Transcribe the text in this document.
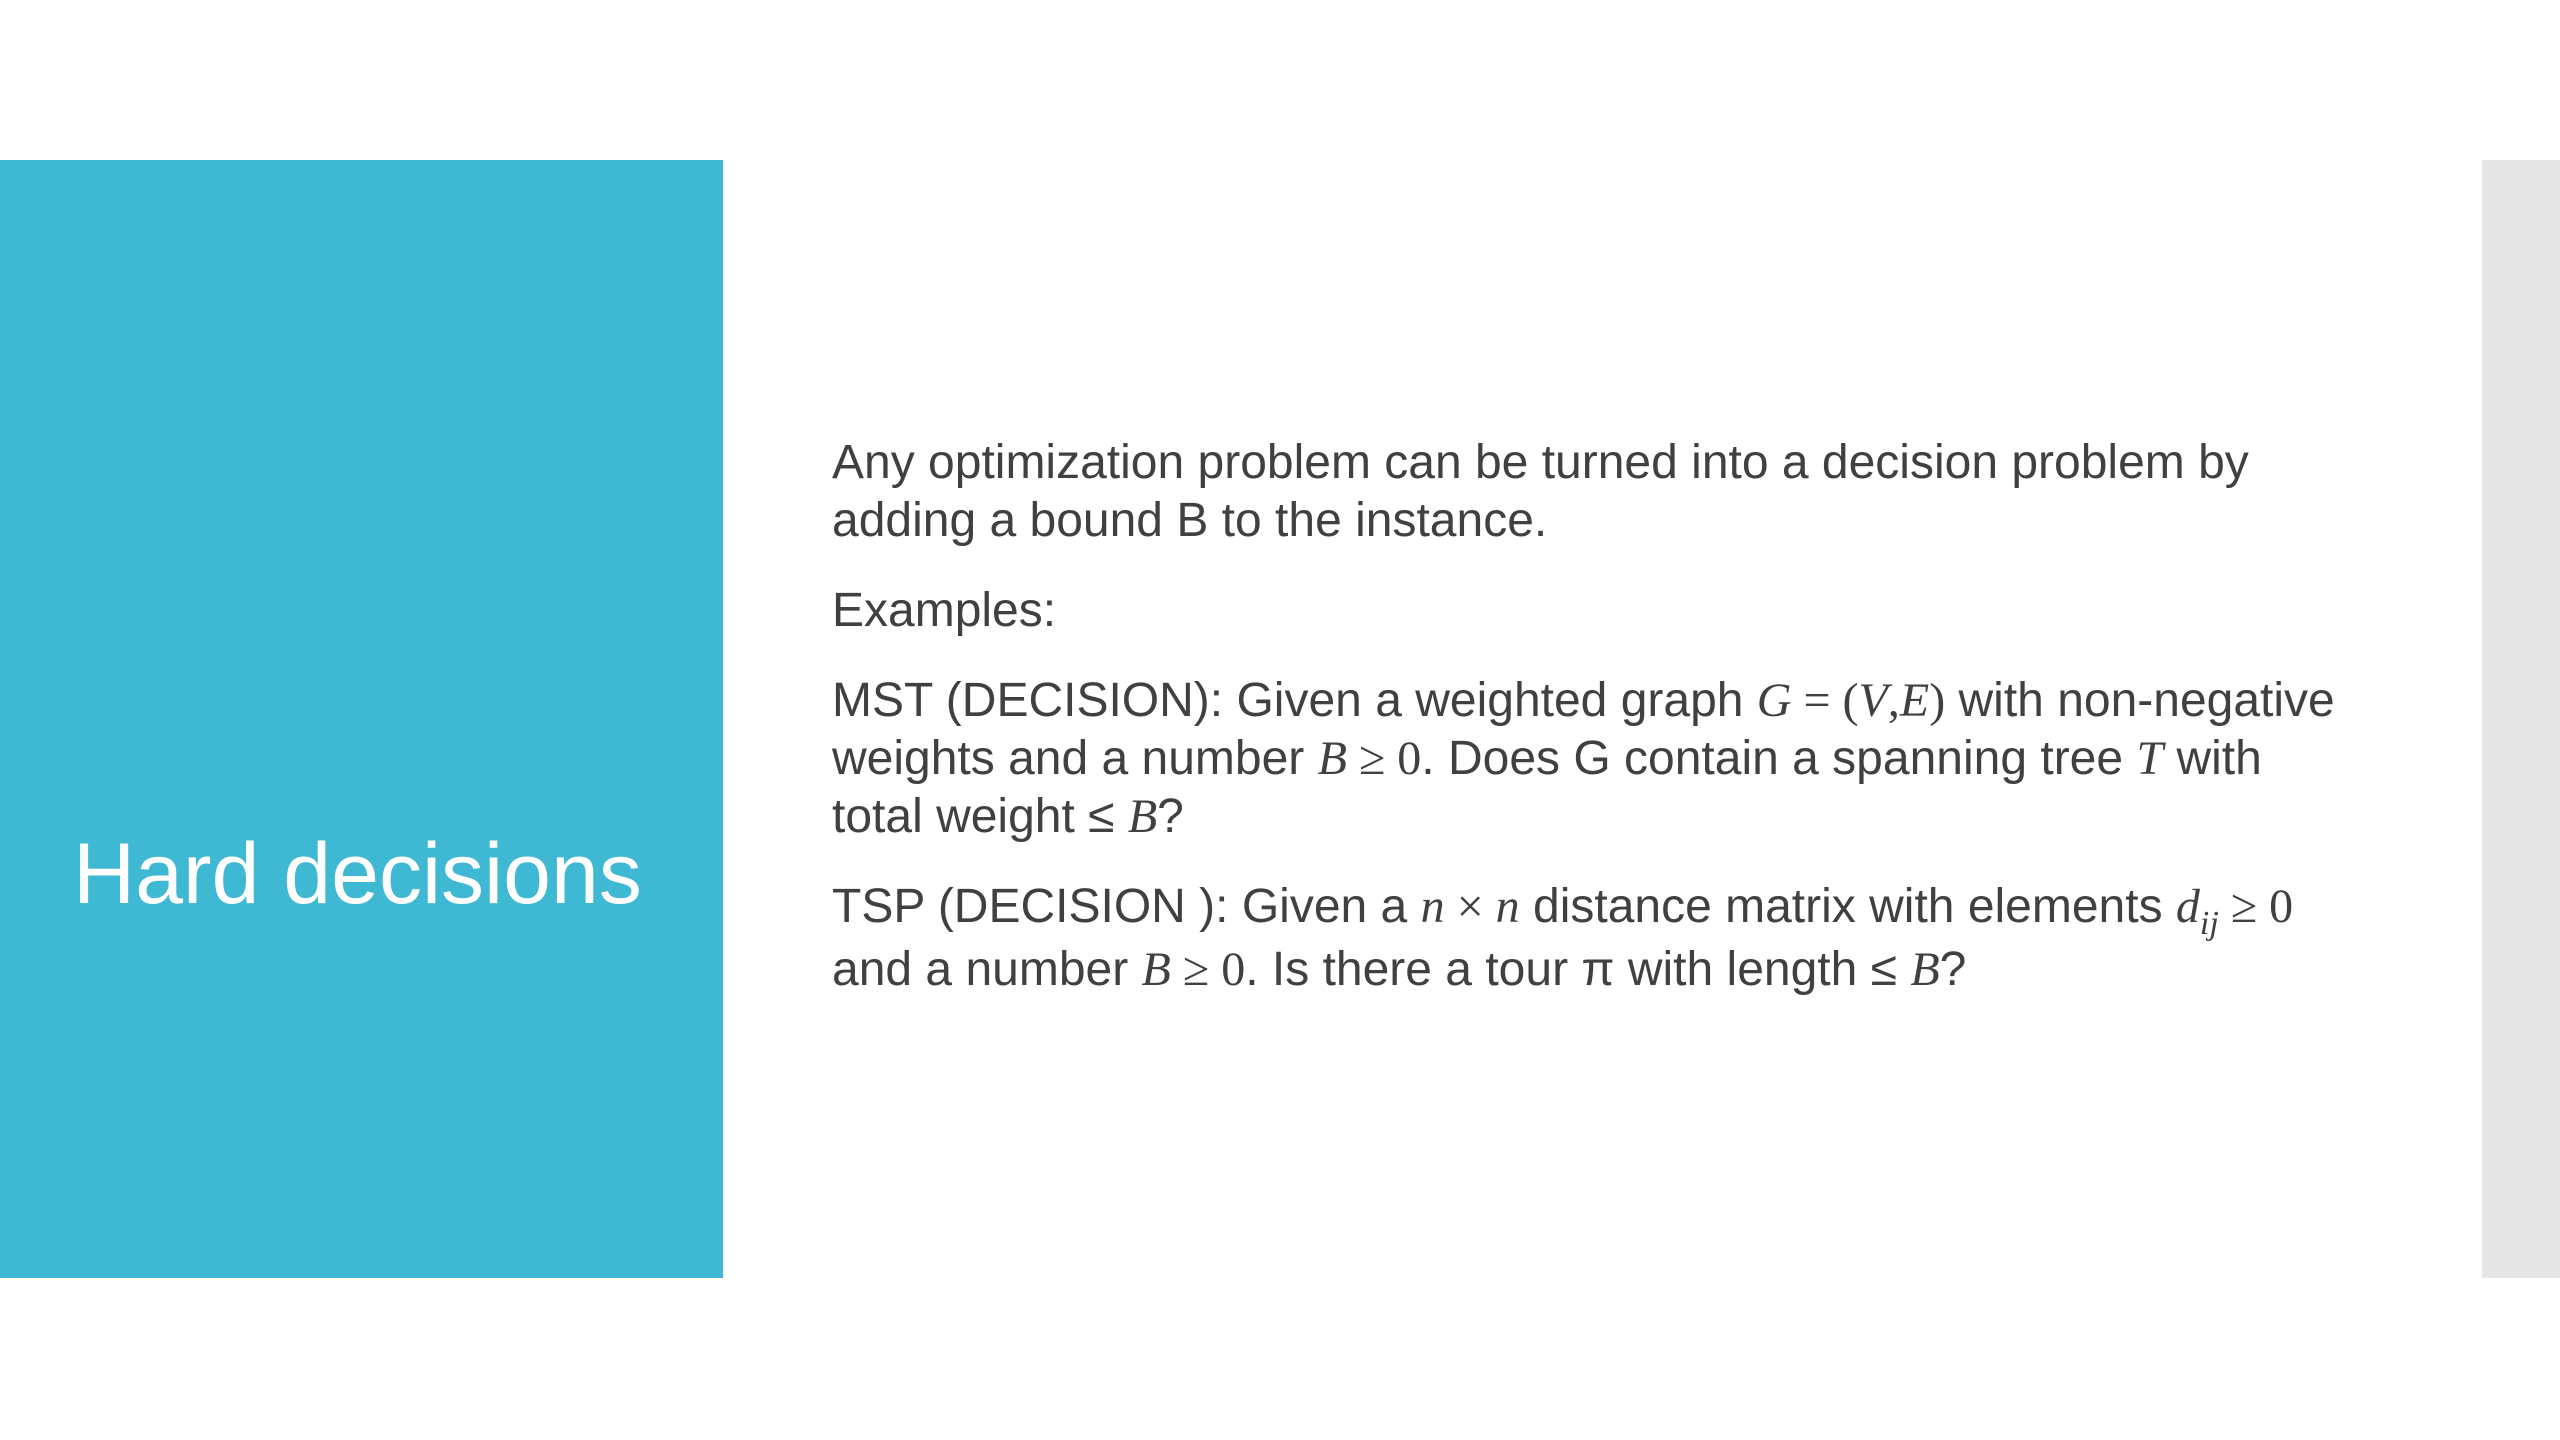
Hard decisions

Any optimization problem can be turned into a decision problem by adding a bound B to the instance.

Examples:

MST (DECISION): Given a weighted graph G = (V,E) with non-negative weights and a number B ≥ 0. Does G contain a spanning tree T with total weight ≤ B?

TSP (DECISION ): Given a n × n distance matrix with elements $d_{ij} \ge 0$ and a number B ≥ 0. Is there a tour π with length ≤ B?
